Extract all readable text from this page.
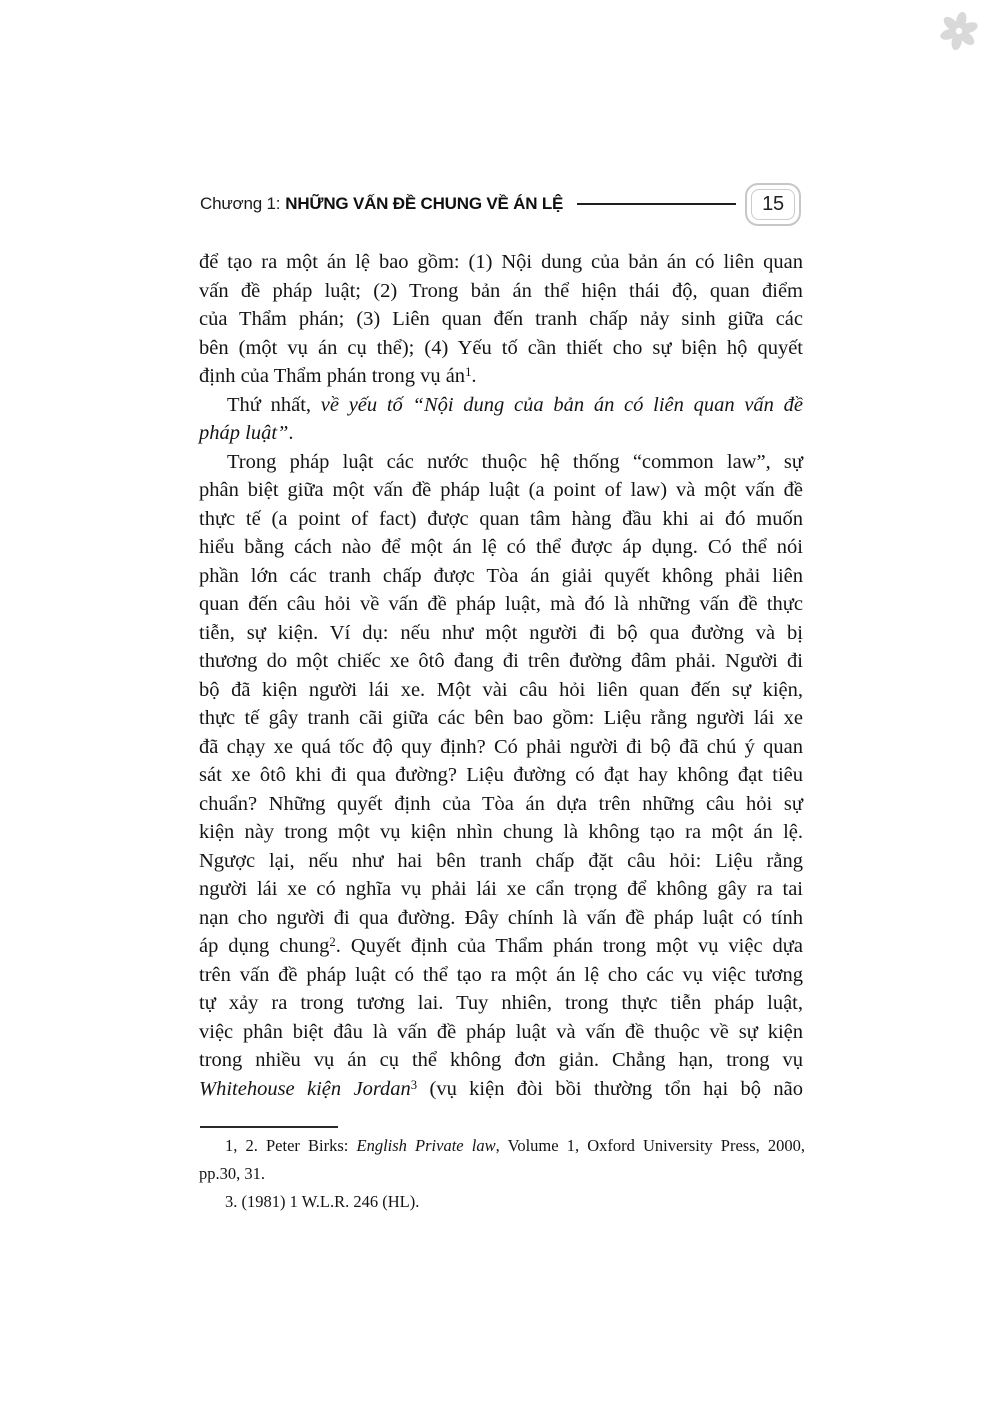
Chương 1: NHỮNG VẤN ĐỀ CHUNG VỀ ÁN LỆ	15
để tạo ra một án lệ bao gồm: (1) Nội dung của bản án có liên quan
vấn đề pháp luật; (2) Trong bản án thể hiện thái độ, quan điểm
của Thẩm phán; (3) Liên quan đến tranh chấp nảy sinh giữa các
bên (một vụ án cụ thể); (4) Yếu tố cần thiết cho sự biện hộ quyết
định của Thẩm phán trong vụ $án^1$.
Thứ nhất, về yếu tố “Nội dung của bản án có liên quan vấn đề
pháp luật”.
Trong pháp luật các nước thuộc hệ thống “common law”, sự
phân biệt giữa một vấn đề pháp luật (a point of law) và một vấn đề
thực tế (a point of fact) được quan tâm hàng đầu khi ai đó muốn
hiểu bằng cách nào để một án lệ có thể được áp dụng. Có thể nói
phần lớn các tranh chấp được Tòa án giải quyết không phải liên
quan đến câu hỏi về vấn đề pháp luật, mà đó là những vấn đề thực
tiễn, sự kiện. Ví dụ: nếu như một người đi bộ qua đường và bị
thương do một chiếc xe ôtô đang đi trên đường đâm phải. Người đi
bộ đã kiện người lái xe. Một vài câu hỏi liên quan đến sự kiện,
thực tế gây tranh cãi giữa các bên bao gồm: Liệu rằng người lái xe
đã chạy xe quá tốc độ quy định? Có phải người đi bộ đã chú ý quan
sát xe ôtô khi đi qua đường? Liệu đường có đạt hay không đạt tiêu
chuẩn? Những quyết định của Tòa án dựa trên những câu hỏi sự
kiện này trong một vụ kiện nhìn chung là không tạo ra một án lệ.
Ngược lại, nếu như hai bên tranh chấp đặt câu hỏi: Liệu rằng
người lái xe có nghĩa vụ phải lái xe cẩn trọng để không gây ra tai
nạn cho người đi qua đường. Đây chính là vấn đề pháp luật có tính
áp dụng chung$^2$. Quyết định của Thẩm phán trong một vụ việc dựa
trên vấn đề pháp luật có thể tạo ra một án lệ cho các vụ việc tương
tự xảy ra trong tương lai. Tuy nhiên, trong thực tiễn pháp luật,
việc phân biệt đâu là vấn đề pháp luật và vấn đề thuộc về sự kiện
trong nhiều vụ án cụ thể không đơn giản. Chẳng hạn, trong vụ
Whitehouse kiện Jordan$^3$ (vụ kiện đòi bồi thường tổn hại bộ não
1, 2. Peter Birks: English Private law, Volume 1, Oxford University Press, 2000,
pp.30, 31.
3. (1981) 1 W.L.R. 246 (HL).
